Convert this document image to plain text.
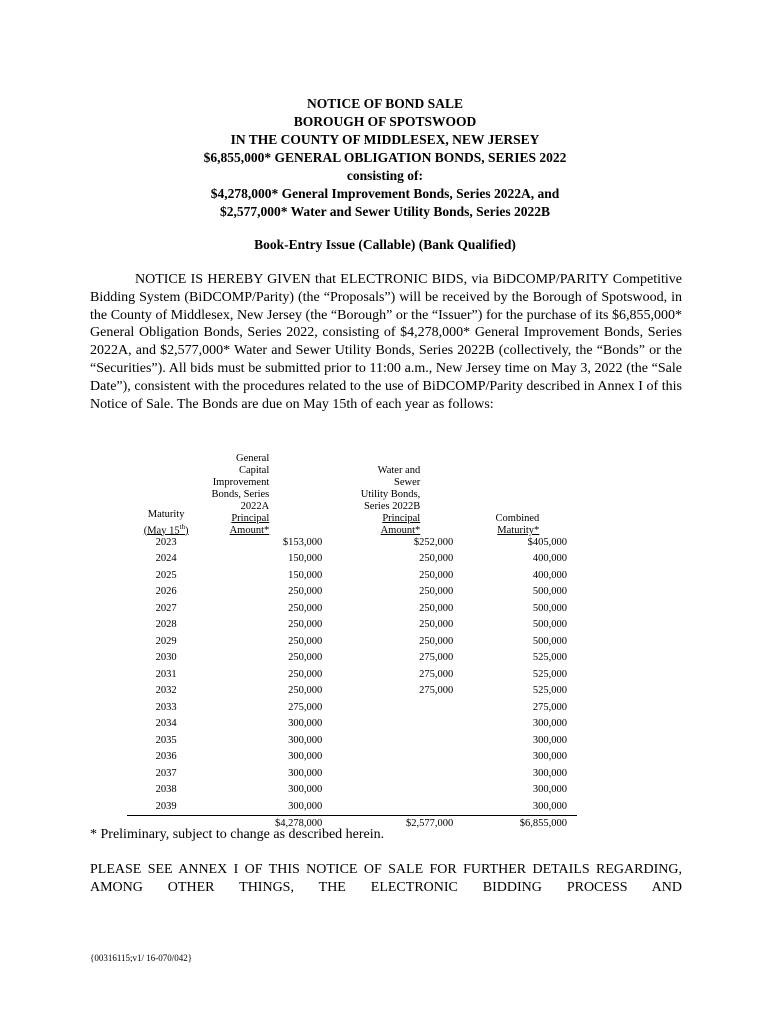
NOTICE OF BOND SALE
BOROUGH OF SPOTSWOOD
IN THE COUNTY OF MIDDLESEX, NEW JERSEY
$6,855,000* GENERAL OBLIGATION BONDS, SERIES 2022
consisting of:
$4,278,000* General Improvement Bonds, Series 2022A, and
$2,577,000* Water and Sewer Utility Bonds, Series 2022B
Book-Entry Issue (Callable) (Bank Qualified)

NOTICE IS HEREBY GIVEN that ELECTRONIC BIDS, via BiDCOMP/PARITY Competitive Bidding System (BiDCOMP/Parity) (the “Proposals”) will be received by the Borough of Spotswood, in the County of Middlesex, New Jersey (the “Borough” or the “Issuer”) for the purchase of its $6,855,000* General Obligation Bonds, Series 2022, consisting of $4,278,000* General Improvement Bonds, Series 2022A, and $2,577,000* Water and Sewer Utility Bonds, Series 2022B (collectively, the “Bonds” or the “Securities”). All bids must be submitted prior to 11:00 a.m., New Jersey time on May 3, 2022 (the “Sale Date”), consistent with the procedures related to the use of BiDCOMP/Parity described in Annex I of this Notice of Sale. The Bonds are due on May 15th of each year as follows:

Maturity
(May 15th)	General Capital
Improvement
Bonds, Series 2022A
Principal Amount*	Water and Sewer
Utility Bonds,
Series 2022B
Principal Amount*	Combined
Maturity*

2023	$153,000	$252,000	$405,000
2024	150,000	250,000	400,000
2025	150,000	250,000	400,000
2026	250,000	250,000	500,000
2027	250,000	250,000	500,000
2028	250,000	250,000	500,000
2029	250,000	250,000	500,000
2030	250,000	275,000	525,000
2031	250,000	275,000	525,000
2032	250,000	275,000	525,000
2033	275,000		275,000
2034	300,000		300,000
2035	300,000		300,000
2036	300,000		300,000
2037	300,000		300,000
2038	300,000		300,000
2039	300,000		300,000
	$4,278,000	$2,577,000	$6,855,000

* Preliminary, subject to change as described herein.

PLEASE SEE ANNEX I OF THIS NOTICE OF SALE FOR FURTHER DETAILS REGARDING, AMONG OTHER THINGS, THE ELECTRONIC BIDDING PROCESS AND

{00316115;v1/ 16-070/042}
